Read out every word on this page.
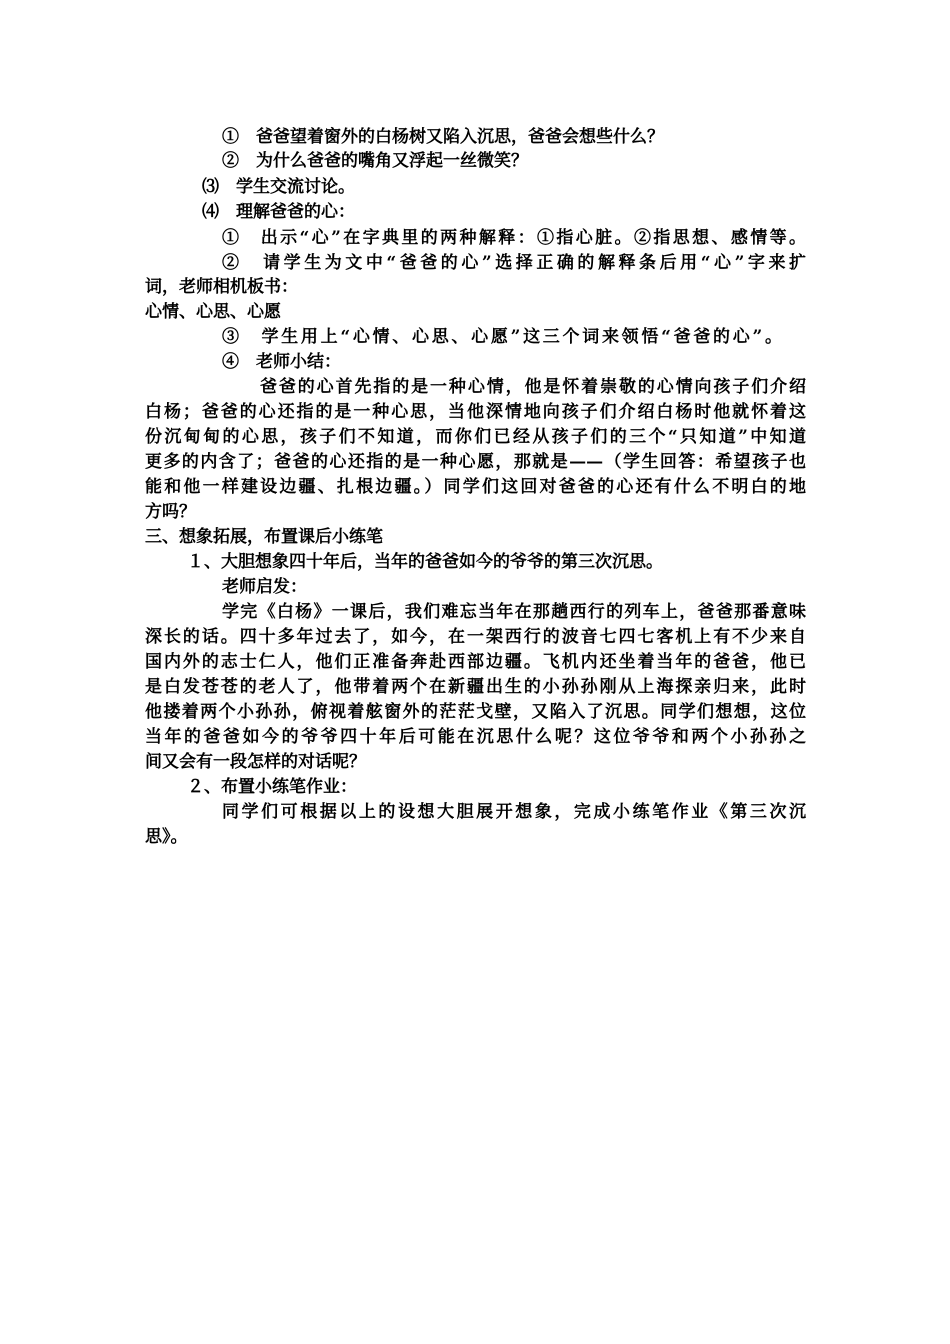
①　爸爸望着窗外的白杨树又陷入沉思，爸爸会想些什么？
②　为什么爸爸的嘴角又浮起一丝微笑？
⑶　学生交流讨论。
⑷　理解爸爸的心：
①　出示“心”在字典里的两种解释：①指心脏。②指思想、感情等。
②　请学生为文中“爸爸的心”选择正确的解释条后用“心”字来扩
词，老师相机板书：
心情、心思、心愿
③　学生用上“心情、心思、心愿”这三个词来领悟“爸爸的心”。
④　老师小结：
爸爸的心首先指的是一种心情，他是怀着崇敬的心情向孩子们介绍
白杨；爸爸的心还指的是一种心思，当他深情地向孩子们介绍白杨时他就怀着这
份沉甸甸的心思，孩子们不知道，而你们已经从孩子们的三个“只知道”中知道
更多的内含了；爸爸的心还指的是一种心愿，那就是——（学生回答：希望孩子也
能和他一样建设边疆、扎根边疆。）同学们这回对爸爸的心还有什么不明白的地
方吗？
三、想象拓展，布置课后小练笔
１、大胆想象四十年后，当年的爸爸如今的爷爷的第三次沉思。
老师启发：
学完《白杨》一课后，我们难忘当年在那趟西行的列车上，爸爸那番意味
深长的话。四十多年过去了，如今，在一架西行的波音七四七客机上有不少来自
国内外的志士仁人，他们正准备奔赴西部边疆。飞机内还坐着当年的爸爸，他已
是白发苍苍的老人了，他带着两个在新疆出生的小孙孙刚从上海探亲归来，此时
他搂着两个小孙孙，俯视着舷窗外的茫茫戈壁，又陷入了沉思。同学们想想，这位
当年的爸爸如今的爷爷四十年后可能在沉思什么呢？这位爷爷和两个小孙孙之
间又会有一段怎样的对话呢？
２、布置小练笔作业：
同学们可根据以上的设想大胆展开想象，完成小练笔作业《第三次沉
思》。
